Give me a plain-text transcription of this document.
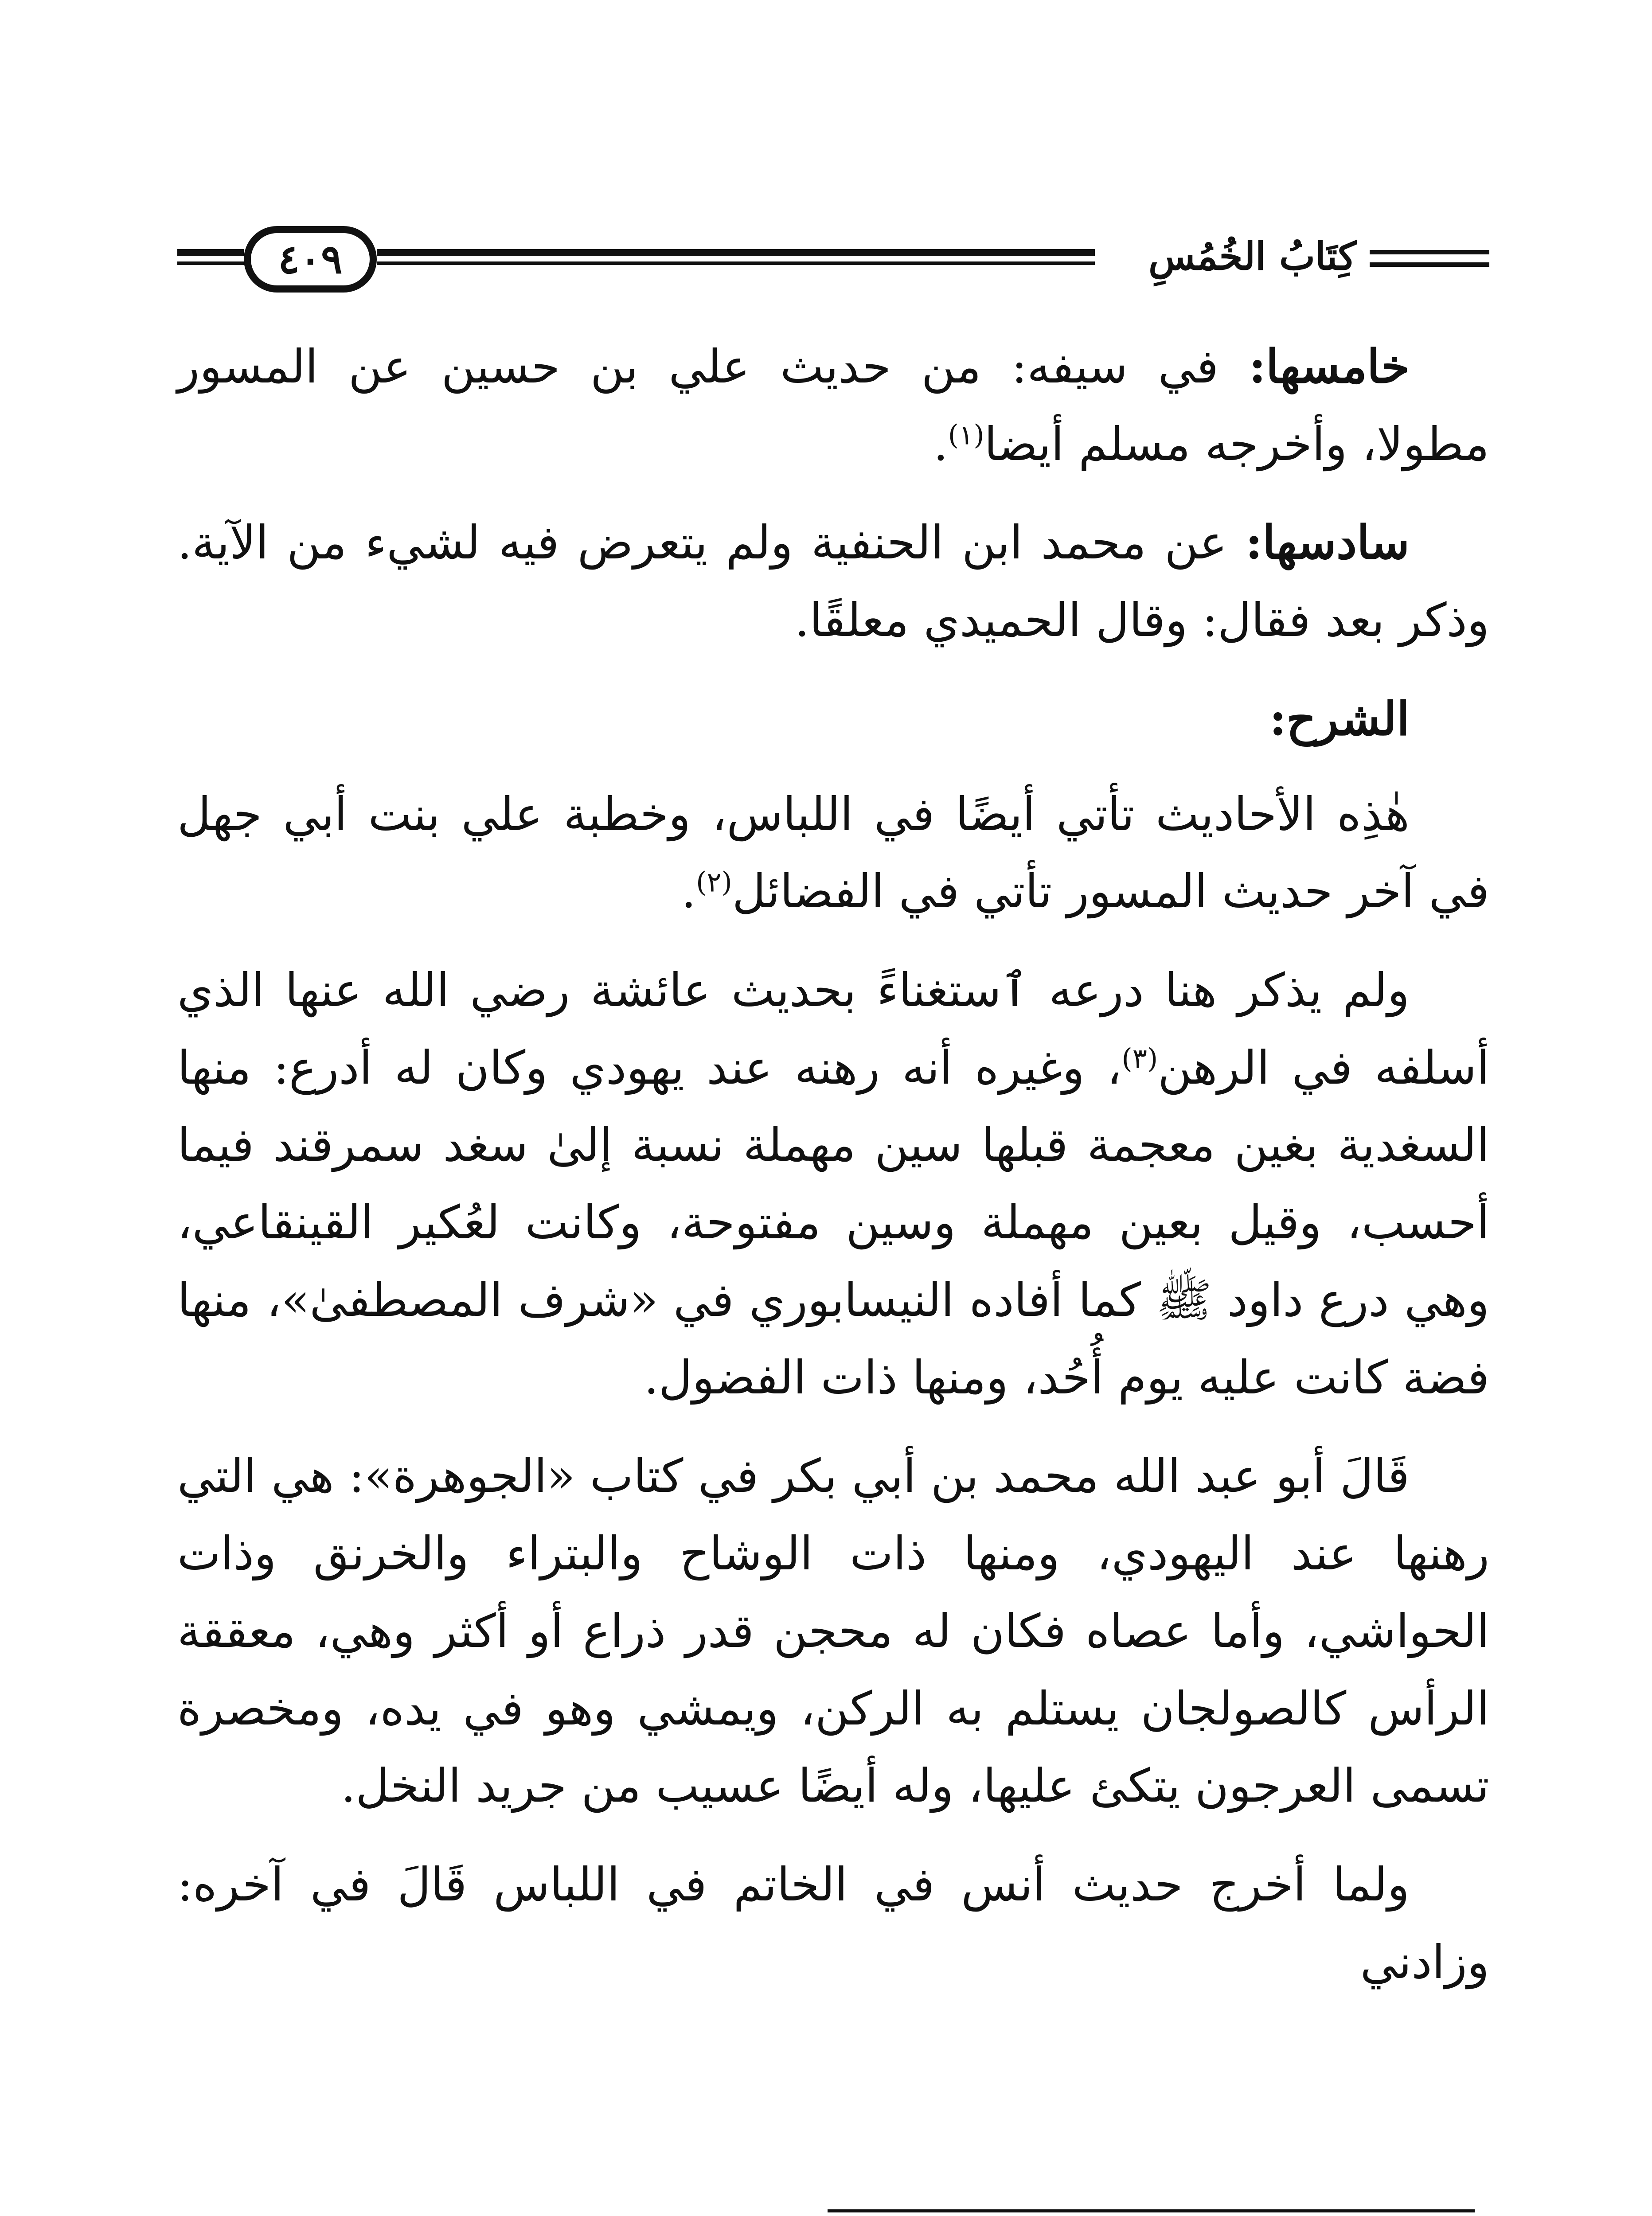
كِتَابُ الخُمُسِ
٤٠٩

خامسها: في سيفه: من حديث علي بن حسين عن المسور مطولا، وأخرجه مسلم أيضا$^{(١)}$.

سادسها: عن محمد ابن الحنفية ولم يتعرض فيه لشيء من الآية. وذكر بعد فقال: وقال الحميدي معلقًا.

الشرح:

هٰذِه الأحاديث تأتي أيضًا في اللباس، وخطبة علي بنت أبي جهل في آخر حديث المسور تأتي في الفضائل$^{(٢)}$.

ولم يذكر هنا درعه ٱستغناءً بحديث عائشة رضي الله عنها الذي أسلفه في الرهن$^{(٣)}$، وغيره أنه رهنه عند يهودي وكان له أدرع: منها السغدية بغين معجمة قبلها سين مهملة نسبة إلىٰ سغد سمرقند فيما أحسب، وقيل بعين مهملة وسين مفتوحة، وكانت لعُكير القينقاعي، وهي درع داود ﷺ كما أفاده النيسابوري في «شرف المصطفىٰ»، منها فضة كانت عليه يوم أُحُد، ومنها ذات الفضول.

قَالَ أبو عبد الله محمد بن أبي بكر في كتاب «الجوهرة»: هي التي رهنها عند اليهودي، ومنها ذات الوشاح والبتراء والخرنق وذات الحواشي، وأما عصاه فكان له محجن قدر ذراع أو أكثر وهي، معققة الرأس كالصولجان يستلم به الركن، ويمشي وهو في يده، ومخصرة تسمى العرجون يتكئ عليها، وله أيضًا عسيب من جريد النخل.

ولما أخرج حديث أنس في الخاتم في اللباس قَالَ في آخره: وزادني
